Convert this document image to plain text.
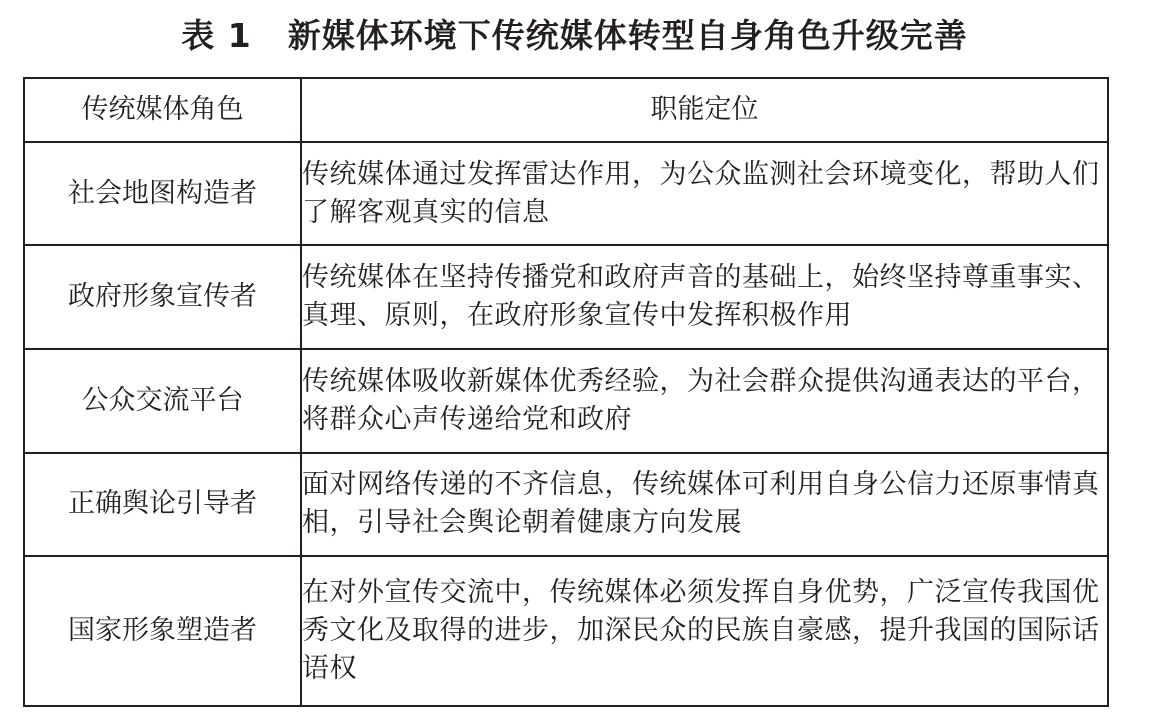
表 1 新媒体环境下传统媒体转型自身角色升级完善
传统媒体角色	职能定位
社会地图构造者	传统媒体通过发挥雷达作用，为公众监测社会环境变化，帮助人们了解客观真实的信息
政府形象宣传者	传统媒体在坚持传播党和政府声音的基础上，始终坚持尊重事实、真理、原则，在政府形象宣传中发挥积极作用
公众交流平台	传统媒体吸收新媒体优秀经验，为社会群众提供沟通表达的平台，将群众心声传递给党和政府
正确舆论引导者	面对网络传递的不齐信息，传统媒体可利用自身公信力还原事情真相，引导社会舆论朝着健康方向发展
国家形象塑造者	在对外宣传交流中，传统媒体必须发挥自身优势，广泛宣传我国优秀文化及取得的进步，加深民众的民族自豪感，提升我国的国际话语权
